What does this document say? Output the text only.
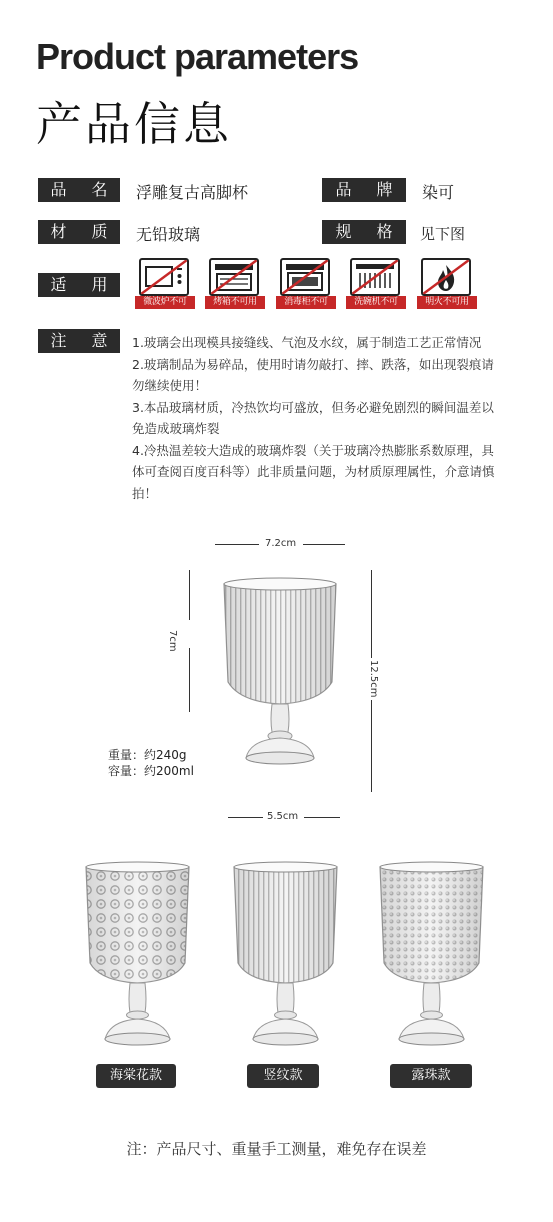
Product parameters
产品信息
品 名 浮雕复古高脚杯	品 牌 染可
材 质 无铅玻璃	规 格 见下图
适 用
微波炉不可	烤箱不可用	消毒柜不可	洗碗机不可	明火不可用
注 意 1.玻璃会出现模具接缝线、气泡及水纹，属于制造工艺正常情况
2.玻璃制品为易碎品，使用时请勿敲打、摔、跌落，如出现裂痕请勿继续使用！
3.本品玻璃材质，冷热饮均可盛放，但务必避免剧烈的瞬间温差以免造成玻璃炸裂
4.冷热温差较大造成的玻璃炸裂（关于玻璃冷热膨胀系数原理，具体可查阅百度百科等）此非质量问题，为材质原理属性，介意请慎拍！
7.2cm
7cm
12.5cm
重量：约240g
容量：约200ml
5.5cm
海棠花款	竖纹款	露珠款
注：产品尺寸、重量手工测量，难免存在误差
